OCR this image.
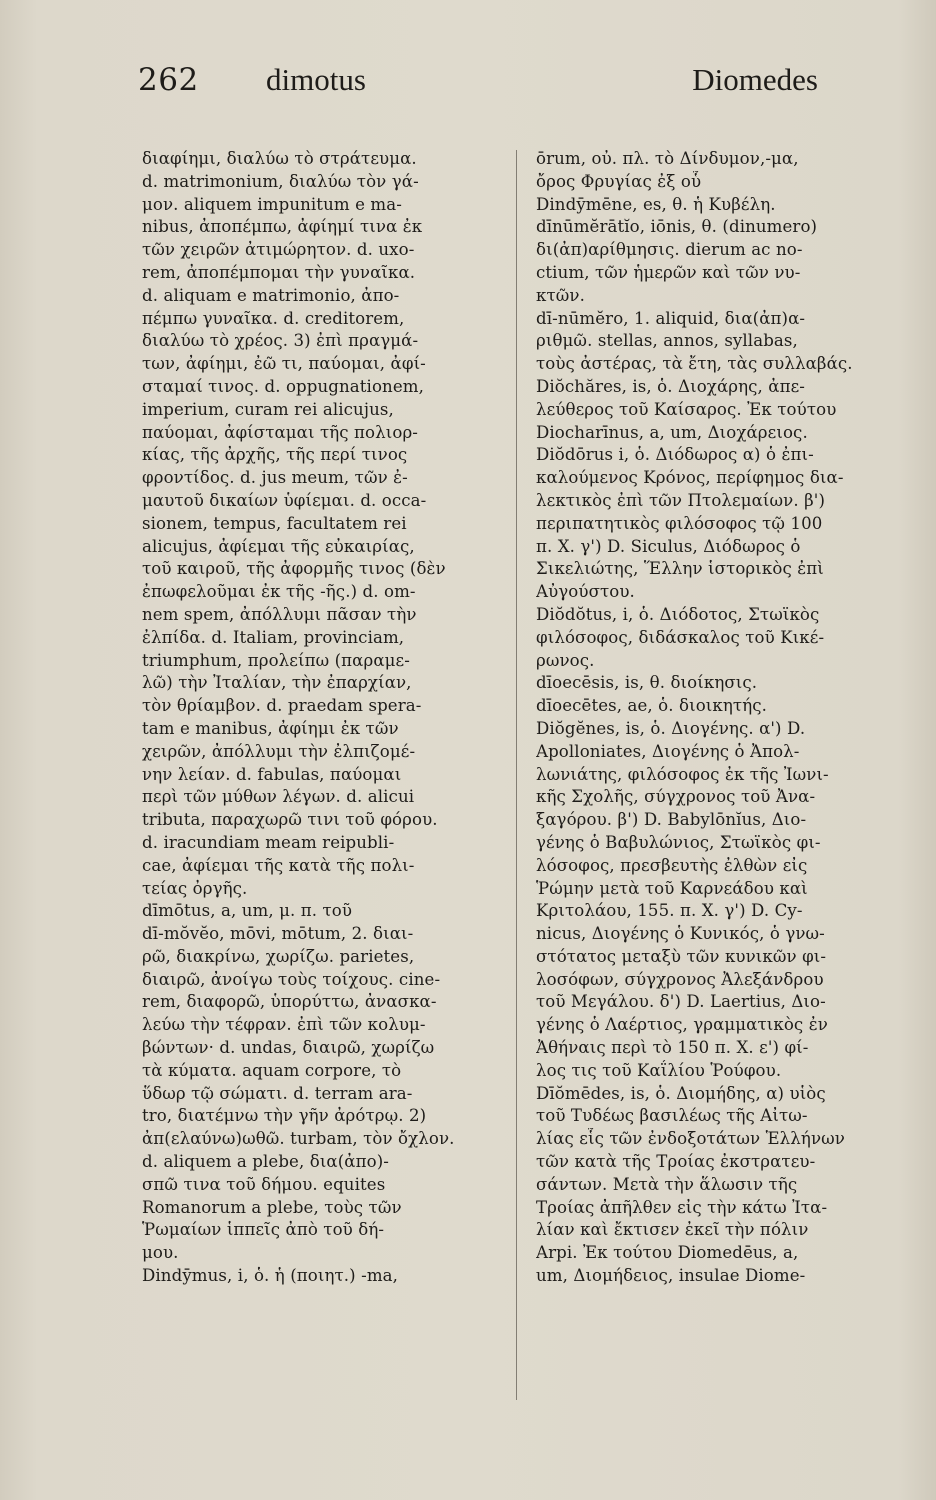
262 dimotus	Diomedes
διαφίημι, διαλύω τὸ στράτευμα.
d. matrimonium, διαλύω τὸν γά-
μον. aliquem impunitum e ma-
nibus, ἀποπέμπω, ἀφίημί τινα ἐκ
τῶν χειρῶν ἀτιμώρητον. d. uxo-
rem, ἀποπέμπομαι τὴν γυναῖκα.
d. aliquam e matrimonio, ἀπο-
πέμπω γυναῖκα. d. creditorem,
διαλύω τὸ χρέος. 3) ἐπὶ πραγμά-
των, ἀφίημι, ἐῶ τι, παύομαι, ἀφί-
σταμαί τινος. d. oppugnationem,
imperium, curam rei alicujus,
παύομαι, ἀφίσταμαι τῆς πολιορ-
κίας, τῆς ἀρχῆς, τῆς περί τινος
φροντίδος. d. jus meum, τῶν ἐ-
μαυτοῦ δικαίων ὑφίεμαι. d. occa-
sionem, tempus, facultatem rei
alicujus, ἀφίεμαι τῆς εὐκαιρίας,
τοῦ καιροῦ, τῆς ἀφορμῆς τινος (δὲν
ἐπωφελοῦμαι ἐκ τῆς -ῆς.) d. om-
nem spem, ἀπόλλυμι πᾶσαν τὴν
ἐλπίδα. d. Italiam, provinciam,
triumphum, προλείπω (παραμε-
λῶ) τὴν Ἰταλίαν, τὴν ἐπαρχίαν,
τὸν θρίαμβον. d. praedam spera-
tam e manibus, ἀφίημι ἐκ τῶν
χειρῶν, ἀπόλλυμι τὴν ἐλπιζομέ-
νην λείαν. d. fabulas, παύομαι
περὶ τῶν μύθων λέγων. d. alicui
tributa, παραχωρῶ τινι τοῦ φόρου.
d. iracundiam meam reipubli-
cae, ἀφίεμαι τῆς κατὰ τῆς πολι-
τείας ὀργῆς.
dīmōtus, a, um, μ. π. τοῦ
dī-mŏvĕo, mōvi, mōtum, 2. διαι-
ρῶ, διακρίνω, χωρίζω. parietes,
διαιρῶ, ἀνοίγω τοὺς τοίχους. cine-
rem, διαφορῶ, ὑπορύττω, ἀνασκα-
λεύω τὴν τέφραν. ἐπὶ τῶν κολυμ-
βώντων· d. undas, διαιρῶ, χωρίζω
τὰ κύματα. aquam corpore, τὸ
ὕδωρ τῷ σώματι. d. terram ara-
tro, διατέμνω τὴν γῆν ἀρότρῳ. 2)
ἀπ(ελαύνω)ωθῶ. turbam, τὸν ὄχλον.
d. aliquem a plebe, δια(ἀπο)-
σπῶ τινα τοῦ δήμου. equites
Romanorum a plebe, τοὺς τῶν
Ῥωμαίων ἱππεῖς ἀπὸ τοῦ δή-
μου.
Dindȳmus, i, ὁ. ἡ (ποιητ.) -ma,
ōrum, οὐ. πλ. τὸ Δίνδυμον,-μα,
ὄρος Φρυγίας ἐξ οὗ
Dindȳmēne, es, θ. ἡ Κυβέλη.
dīnūmĕrātĭo, iōnis, θ. (dinumero)
δι(ἀπ)αρίθμησις. dierum ac no-
ctium, τῶν ἡμερῶν καὶ τῶν νυ-
κτῶν.
dī-nūmĕro, 1. aliquid, δια(ἀπ)α-
ριθμῶ. stellas, annos, syllabas,
τοὺς ἀστέρας, τὰ ἔτη, τὰς συλλαβάς.
Diŏchăres, is, ὁ. Διοχάρης, ἀπε-
λεύθερος τοῦ Καίσαρος. Ἐκ τούτου
Diocharīnus, a, um, Διοχάρειος.
Diŏdōrus i, ὁ. Διόδωρος α) ὁ ἐπι-
καλούμενος Κρόνος, περίφημος δια-
λεκτικὸς ἐπὶ τῶν Πτολεμαίων. β')
περιπατητικὸς φιλόσοφος τῷ 100
π. Χ. γ') D. Siculus, Διόδωρος ὁ
Σικελιώτης, Ἕλλην ἱστορικὸς ἐπὶ
Αὐγούστου.
Diŏdŏtus, i, ὁ. Διόδοτος, Στωϊκὸς
φιλόσοφος, διδάσκαλος τοῦ Κικέ-
ρωνος.
dīoecēsis, is, θ. διοίκησις.
dīoecētes, ae, ὁ. διοικητής.
Diŏgĕnes, is, ὁ. Διογένης. α') D.
Apolloniates, Διογένης ὁ Ἀπολ-
λωνιάτης, φιλόσοφος ἐκ τῆς Ἰωνι-
κῆς Σχολῆς, σύγχρονος τοῦ Ἀνα-
ξαγόρου. β') D. Babylōnĭus, Διο-
γένης ὁ Βαβυλώνιος, Στωϊκὸς φι-
λόσοφος, πρεσβευτὴς ἐλθὼν εἰς
Ῥώμην μετὰ τοῦ Καρνεάδου καὶ
Κριτολάου, 155. π. Χ. γ') D. Cy-
nicus, Διογένης ὁ Κυνικός, ὁ γνω-
στότατος μεταξὺ τῶν κυνικῶν φι-
λοσόφων, σύγχρονος Ἀλεξάνδρου
τοῦ Μεγάλου. δ') D. Laertius, Διο-
γένης ὁ Λαέρτιος, γραμματικὸς ἐν
Ἀθήναις περὶ τὸ 150 π. Χ. ε') φί-
λος τις τοῦ Καΐλίου Ῥούφου.
Dīŏmēdes, is, ὁ. Διομήδης, α) υἱὸς
τοῦ Τυδέως βασιλέως τῆς Αἰτω-
λίας εἷς τῶν ἐνδοξοτάτων Ἑλλήνων
τῶν κατὰ τῆς Τροίας ἐκστρατευ-
σάντων. Μετὰ τὴν ἅλωσιν τῆς
Τροίας ἀπῆλθεν εἰς τὴν κάτω Ἰτα-
λίαν καὶ ἔκτισεν ἐκεῖ τὴν πόλιν
Arpi. Ἐκ τούτου Diomedēus, a,
um, Διομήδειος, insulae Diome-
